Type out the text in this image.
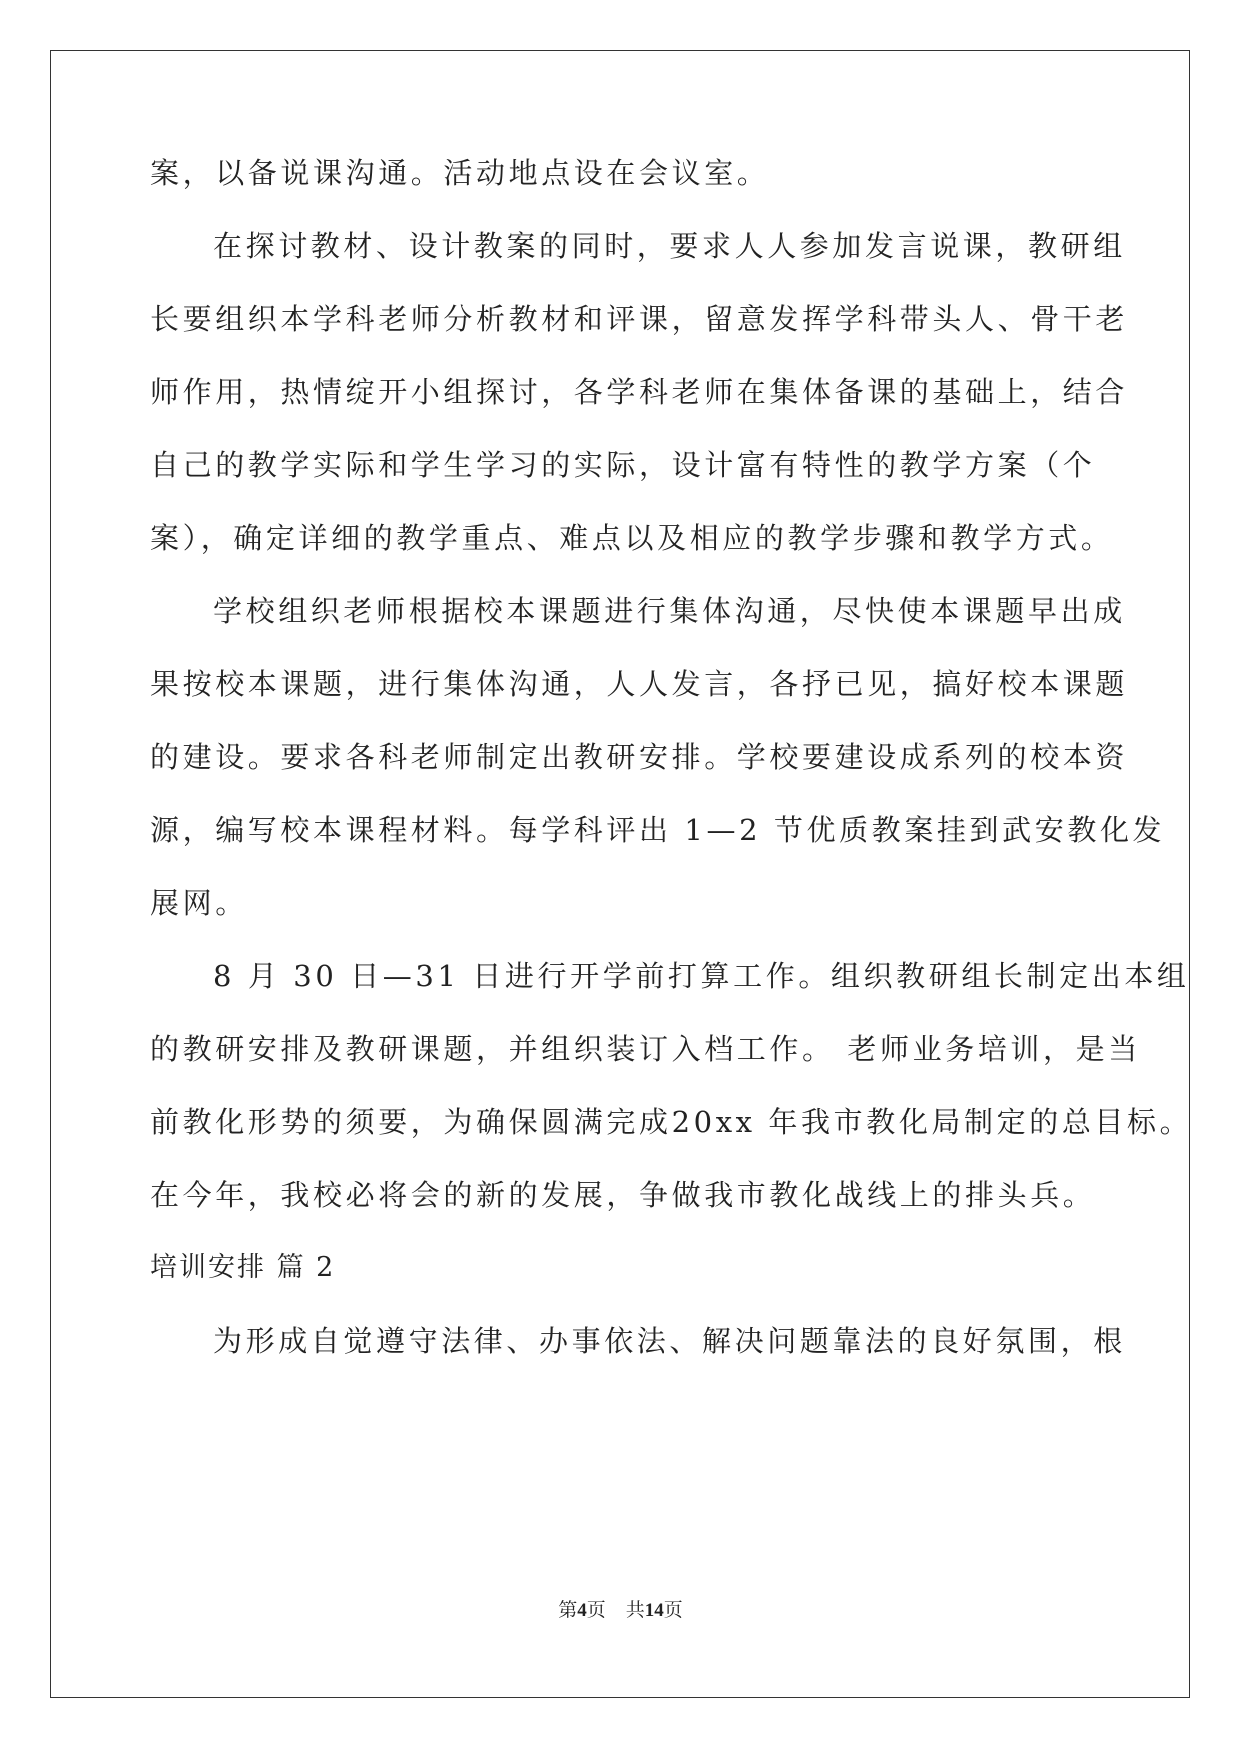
案，以备说课沟通。活动地点设在会议室。
在探讨教材、设计教案的同时，要求人人参加发言说课，教研组
长要组织本学科老师分析教材和评课，留意发挥学科带头人、骨干老
师作用，热情绽开小组探讨，各学科老师在集体备课的基础上，结合
自己的教学实际和学生学习的实际，设计富有特性的教学方案（个
案），确定详细的教学重点、难点以及相应的教学步骤和教学方式。
学校组织老师根据校本课题进行集体沟通，尽快使本课题早出成
果按校本课题，进行集体沟通，人人发言，各抒已见，搞好校本课题
的建设。要求各科老师制定出教研安排。学校要建设成系列的校本资
源，编写校本课程材料。每学科评出 1—2 节优质教案挂到武安教化发
展网。
8 月 30 日—31 日进行开学前打算工作。组织教研组长制定出本组
的教研安排及教研课题，并组织装订入档工作。 老师业务培训，是当
前教化形势的须要，为确保圆满完成20xx 年我市教化局制定的总目标。
在今年，我校必将会的新的发展，争做我市教化战线上的排头兵。
培训安排 篇 2
为形成自觉遵守法律、办事依法、解决问题靠法的良好氛围，根
第4页 共14页
